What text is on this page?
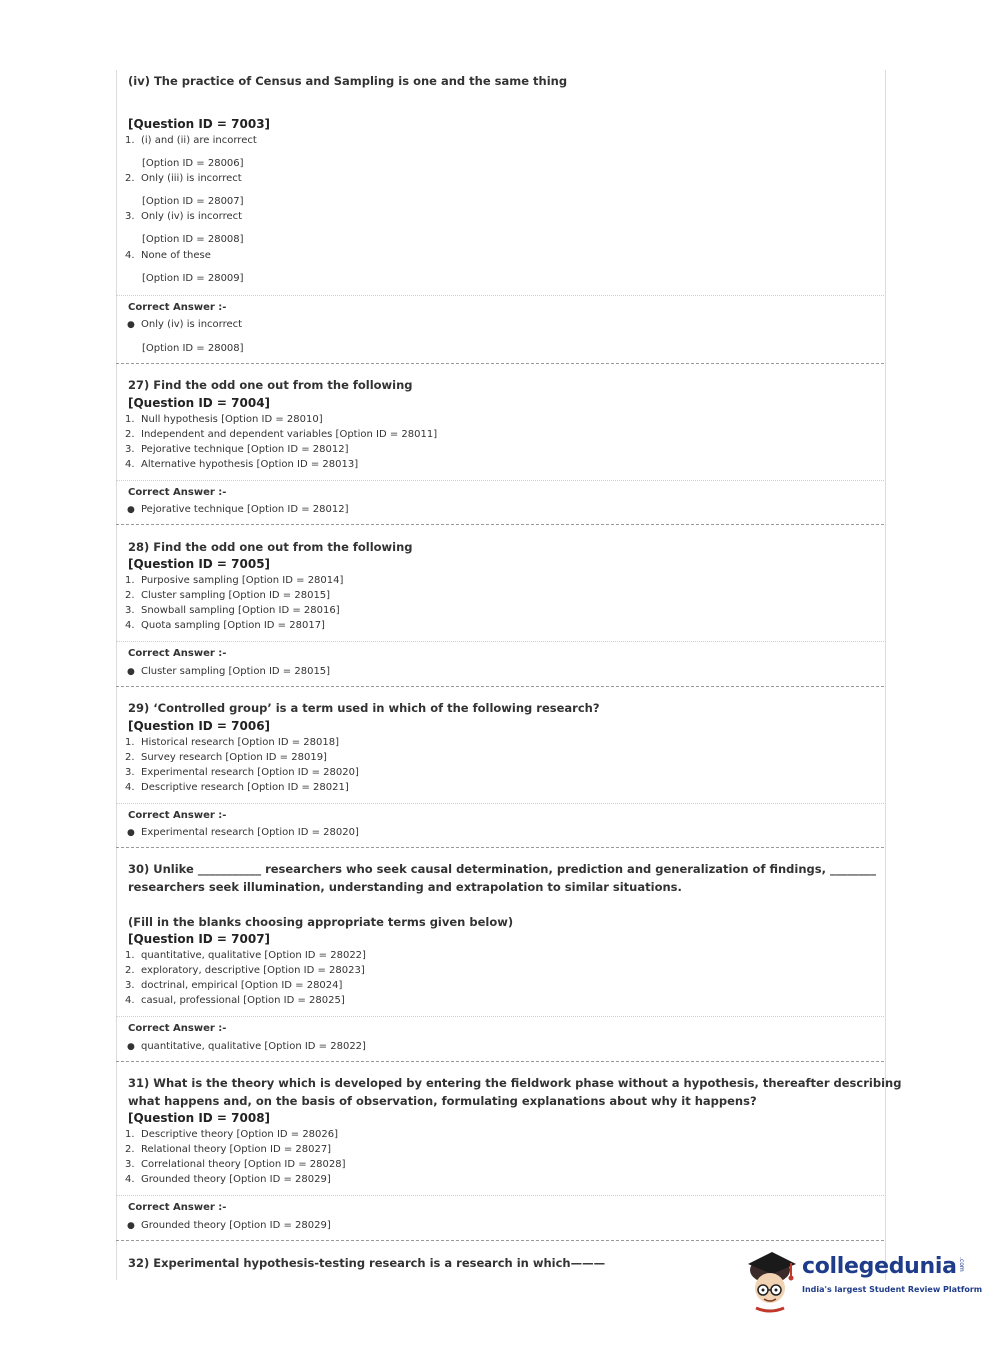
(iv) The practice of Census and Sampling is one and the same thing
[Question ID = 7003]
1. (i) and (ii) are incorrect
[Option ID = 28006]
2. Only (iii) is incorrect
[Option ID = 28007]
3. Only (iv) is incorrect
[Option ID = 28008]
4. None of these
[Option ID = 28009]
Correct Answer :-
● Only (iv) is incorrect
[Option ID = 28008]
27) Find the odd one out from the following
[Question ID = 7004]
1. Null hypothesis [Option ID = 28010]
2. Independent and dependent variables [Option ID = 28011]
3. Pejorative technique [Option ID = 28012]
4. Alternative hypothesis [Option ID = 28013]
Correct Answer :-
● Pejorative technique [Option ID = 28012]
28) Find the odd one out from the following
[Question ID = 7005]
1. Purposive sampling [Option ID = 28014]
2. Cluster sampling [Option ID = 28015]
3. Snowball sampling [Option ID = 28016]
4. Quota sampling [Option ID = 28017]
Correct Answer :-
● Cluster sampling [Option ID = 28015]
29) ‘Controlled group’ is a term used in which of the following research?
[Question ID = 7006]
1. Historical research [Option ID = 28018]
2. Survey research [Option ID = 28019]
3. Experimental research [Option ID = 28020]
4. Descriptive research [Option ID = 28021]
Correct Answer :-
● Experimental research [Option ID = 28020]
30) Unlike ___________ researchers who seek causal determination, prediction and generalization of findings, ________
researchers seek illumination, understanding and extrapolation to similar situations.
(Fill in the blanks choosing appropriate terms given below)
[Question ID = 7007]
1. quantitative, qualitative [Option ID = 28022]
2. exploratory, descriptive [Option ID = 28023]
3. doctrinal, empirical [Option ID = 28024]
4. casual, professional [Option ID = 28025]
Correct Answer :-
● quantitative, qualitative [Option ID = 28022]
31) What is the theory which is developed by entering the fieldwork phase without a hypothesis, thereafter describing
what happens and, on the basis of observation, formulating explanations about why it happens?
[Question ID = 7008]
1. Descriptive theory [Option ID = 28026]
2. Relational theory [Option ID = 28027]
3. Correlational theory [Option ID = 28028]
4. Grounded theory [Option ID = 28029]
Correct Answer :-
● Grounded theory [Option ID = 28029]
32) Experimental hypothesis-testing research is a research in which———	collegedunia .com
India's largest Student Review Platform
